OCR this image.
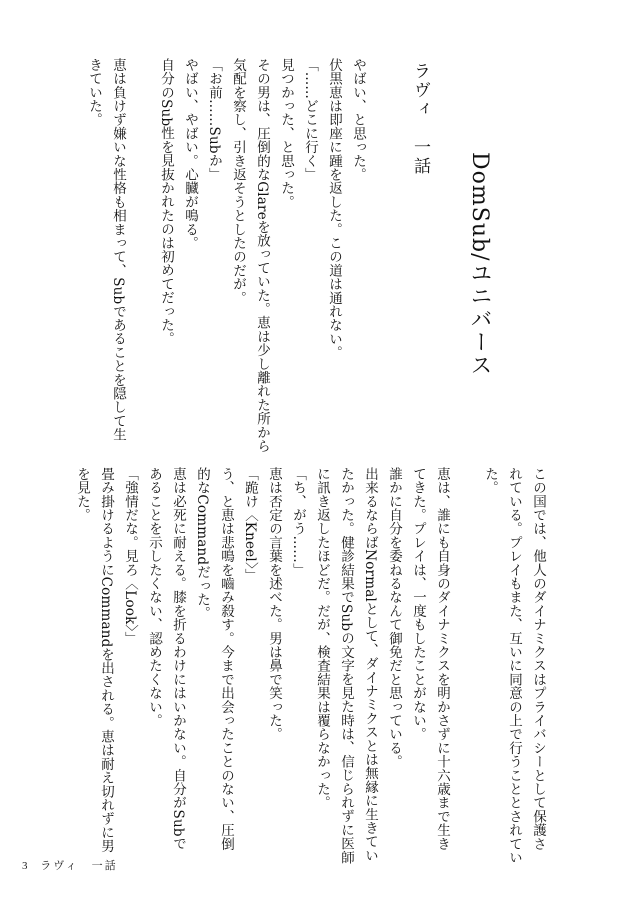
DomSub/ユニバース
ラヴィ　一話
やばい、と思った。
伏黒恵は即座に踵を返した。この道は通れない。
「……どこに行く」
見つかった、と思った。
その男は、圧倒的なGlareを放っていた。恵は少し離れた所から
気配を察し、引き返そうとしたのだが。
「お前……Subか」
やばい、やばい。心臓が鳴る。
自分のSub性を見抜かれたのは初めてだった。

恵は負けず嫌いな性格も相まって、Subであることを隠して生
きていた。
この国では、他人のダイナミクスはプライバシーとして保護さ
れている。プレイもまた、互いに同意の上で行うこととされてい
た。

恵は、誰にも自身のダイナミクスを明かさずに十六歳まで生き
てきた。プレイは、一度もしたことがない。
誰かに自分を委ねるなんて御免だと思っている。
出来るならばNormalとして、ダイナミクスとは無縁に生きてい
たかった。健診結果でSubの文字を見た時は、信じられずに医師
に訊き返したほどだ。だが、検査結果は覆らなかった。
「ち、がう……」
恵は否定の言葉を述べた。男は鼻で笑った。
「跪け〈Kneel〉」
う、と恵は悲鳴を嚙み殺す。今まで出会ったことのない、圧倒
的なCommandだった。
恵は必死に耐える。膝を折るわけにはいかない。自分がSubで
あることを示したくない、認めたくない。
「強情だな。見ろ〈Look〉」
畳み掛けるようにCommandを出される。恵は耐え切れずに男
を見た。
3 ラヴィ　一話
